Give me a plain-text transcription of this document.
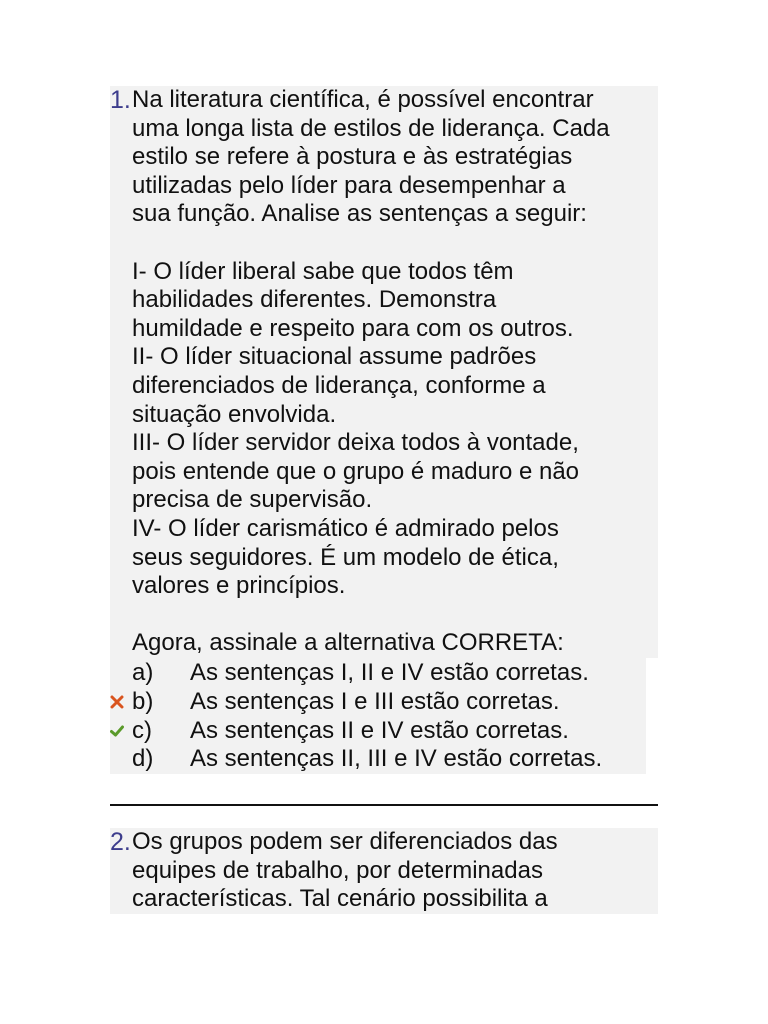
1. Na literatura científica, é possível encontrar

uma longa lista de estilos de liderança. Cada

estilo se refere à postura e às estratégias

utilizadas pelo líder para desempenhar a

sua função. Analise as sentenças a seguir:

I- O líder liberal sabe que todos têm

habilidades diferentes. Demonstra

humildade e respeito para com os outros.

II- O líder situacional assume padrões

diferenciados de liderança, conforme a

situação envolvida.

III- O líder servidor deixa todos à vontade,

pois entende que o grupo é maduro e não

precisa de supervisão.

IV- O líder carismático é admirado pelos

seus seguidores. É um modelo de ética,

valores e princípios.

Agora, assinale a alternativa CORRETA:

a) As sentenças I, II e IV estão corretas.
b) As sentenças I e III estão corretas.
c) As sentenças II e IV estão corretas.
d) As sentenças II, III e IV estão corretas.
2. Os grupos podem ser diferenciados das

equipes de trabalho, por determinadas

características. Tal cenário possibilita a
